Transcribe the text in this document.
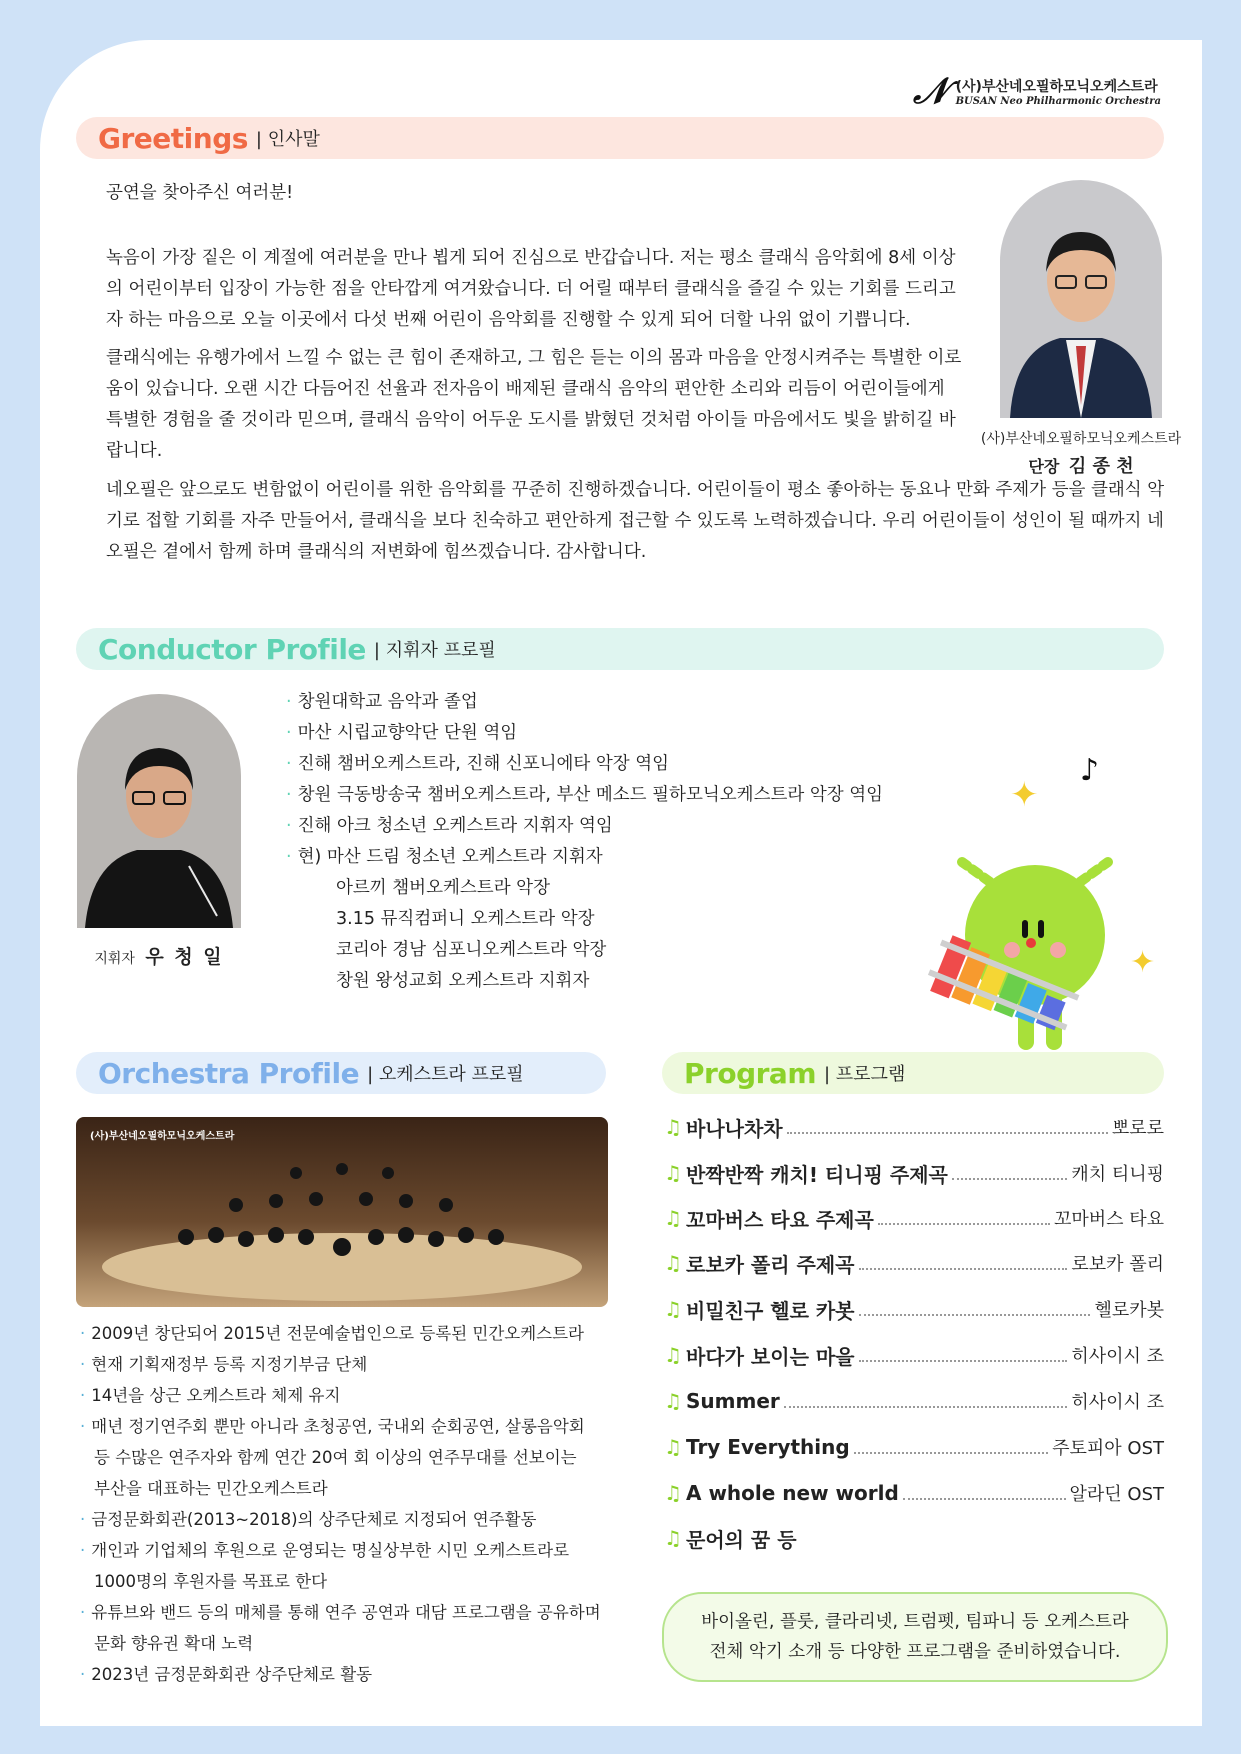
𝒩 (사)부산네오필하모닉오케스트라
BUSAN Neo Philharmonic Orchestra
Greetings | 인사말

공연을 찾아주신 여러분!

녹음이 가장 짙은 이 계절에 여러분을 만나 뵙게 되어 진심으로 반갑습니다. 저는 평소 클래식 음악회에 8세 이상의 어린이부터 입장이 가능한 점을 안타깝게 여겨왔습니다. 더 어릴 때부터 클래식을 즐길 수 있는 기회를 드리고자 하는 마음으로 오늘 이곳에서 다섯 번째 어린이 음악회를 진행할 수 있게 되어 더할 나위 없이 기쁩니다.

클래식에는 유행가에서 느낄 수 없는 큰 힘이 존재하고, 그 힘은 듣는 이의 몸과 마음을 안정시켜주는 특별한 이로움이 있습니다. 오랜 시간 다듬어진 선율과 전자음이 배제된 클래식 음악의 편안한 소리와 리듬이 어린이들에게 특별한 경험을 줄 것이라 믿으며, 클래식 음악이 어두운 도시를 밝혔던 것처럼 아이들 마음에서도 빛을 밝히길 바랍니다.

네오필은 앞으로도 변함없이 어린이를 위한 음악회를 꾸준히 진행하겠습니다. 어린이들이 평소 좋아하는 동요나 만화 주제가 등을 클래식 악기로 접할 기회를 자주 만들어서, 클래식을 보다 친숙하고 편안하게 접근할 수 있도록 노력하겠습니다. 우리 어린이들이 성인이 될 때까지 네오필은 곁에서 함께 하며 클래식의 저변화에 힘쓰겠습니다. 감사합니다.

(사)부산네오필하모닉오케스트라
단장 김 종 천
Conductor Profile | 지휘자 프로필
지휘자 우 청 일
· 창원대학교 음악과 졸업
· 마산 시립교향악단 단원 역임
· 진해 챔버오케스트라, 진해 신포니에타 악장 역임
· 창원 극동방송국 챔버오케스트라, 부산 메소드 필하모닉오케스트라 악장 역임
· 진해 아크 청소년 오케스트라 지휘자 역임
· 현) 마산 드림 청소년 오케스트라 지휘자
아르끼 챔버오케스트라 악장
3.15 뮤직컴퍼니 오케스트라 악장
코리아 경남 심포니오케스트라 악장
창원 왕성교회 오케스트라 지휘자
✦
✦
♪
Orchestra Profile | 오케스트라 프로필
(사)부산네오필하모닉오케스트라
· 2009년 창단되어 2015년 전문예술법인으로 등록된 민간오케스트라
· 현재 기획재정부 등록 지정기부금 단체
· 14년을 상근 오케스트라 체제 유지
· 매년 정기연주회 뿐만 아니라 초청공연, 국내외 순회공연, 살롱음악회
등 수많은 연주자와 함께 연간 20여 회 이상의 연주무대를 선보이는
부산을 대표하는 민간오케스트라
· 금정문화회관(2013~2018)의 상주단체로 지정되어 연주활동
· 개인과 기업체의 후원으로 운영되는 명실상부한 시민 오케스트라로
1000명의 후원자를 목표로 한다
· 유튜브와 밴드 등의 매체를 통해 연주 공연과 대담 프로그램을 공유하며
문화 향유권 확대 노력
· 2023년 금정문화회관 상주단체로 활동
Program | 프로그램
♫ 바나나차차	뽀로로
♫ 반짝반짝 캐치! 티니핑 주제곡	캐치 티니핑
♫ 꼬마버스 타요 주제곡	꼬마버스 타요
♫ 로보카 폴리 주제곡	로보카 폴리
♫ 비밀친구 헬로 카봇	헬로카봇
♫ 바다가 보이는 마을	히사이시 조
♫ Summer	히사이시 조
♫ Try Everything	주토피아 OST
♫ A whole new world	알라딘 OST
♫ 문어의 꿈 등
바이올린, 플룻, 클라리넷, 트럼펫, 팀파니 등 오케스트라
전체 악기 소개 등 다양한 프로그램을 준비하였습니다.
